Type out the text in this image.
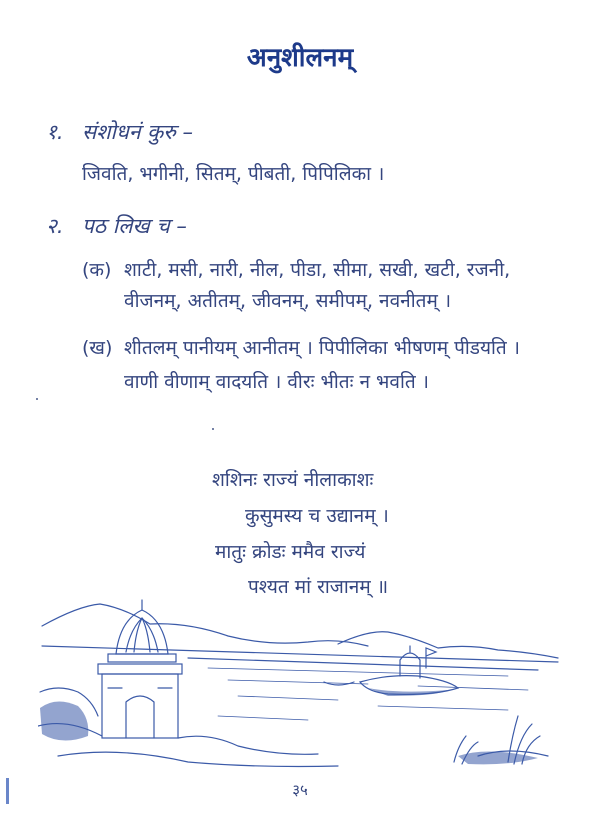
अनुशीलनम्
१. संशोधनं कुरु –
जिवति, भगीनी, सितम्, पीबती, पिपिलिका ।
२. पठ लिख च –
(क) शाटी, मसी, नारी, नील, पीडा, सीमा, सखी, खटी, रजनी,
वीजनम्, अतीतम्, जीवनम्, समीपम्, नवनीतम् ।
(ख) शीतलम् पानीयम् आनीतम् । पिपीलिका भीषणम् पीडयति ।
वाणी वीणाम् वादयति । वीरः भीतः न भवति ।
शशिनः राज्यं नीलाकाशः
कुसुमस्य च उद्यानम् ।
मातुः क्रोडः ममैव राज्यं
पश्यत मां राजानम् ॥
३५
